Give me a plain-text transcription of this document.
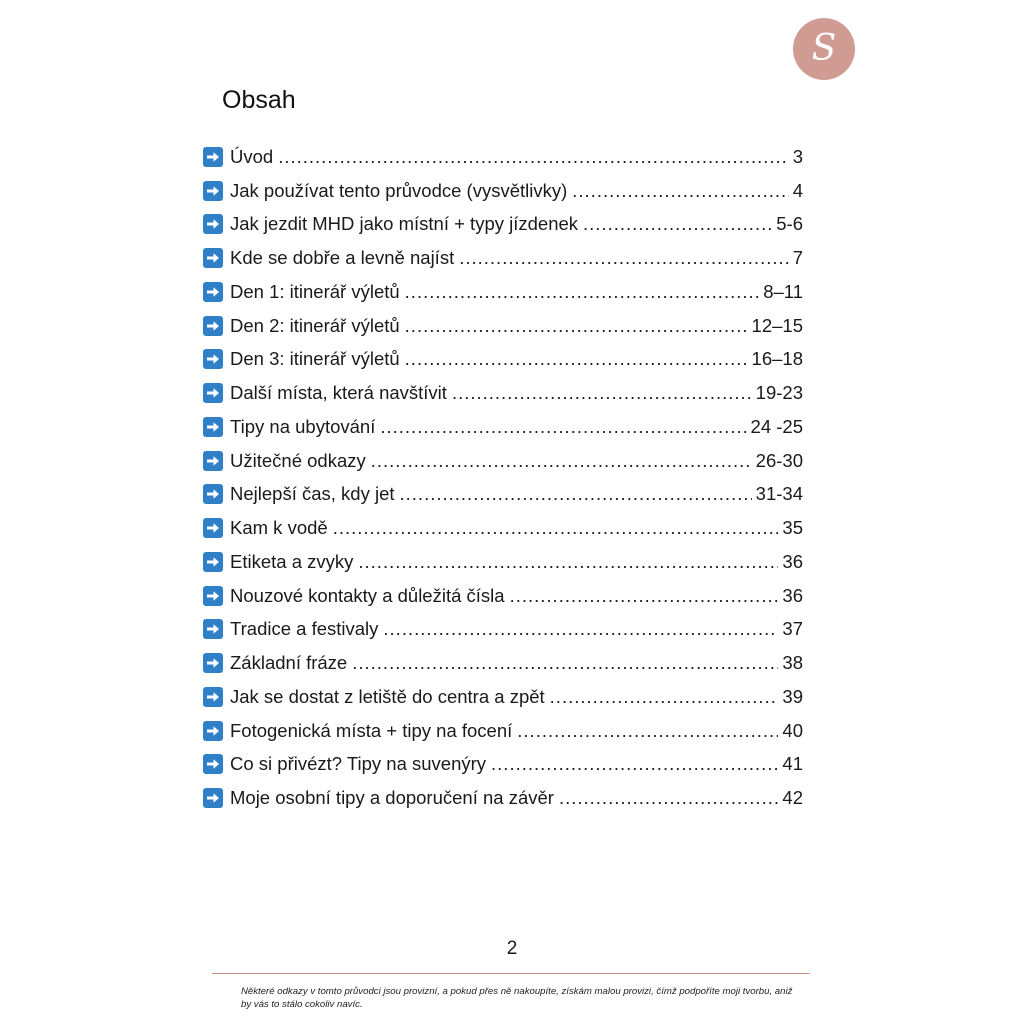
S
Obsah
Úvod .....	3
Jak používat tento průvodce (vysvětlivky) .....	4
Jak jezdit MHD jako místní + typy jízdenek .....	5-6
Kde se dobře a levně najíst .....	7
Den 1: itinerář výletů .....	8–11
Den 2: itinerář výletů .....	12–15
Den 3: itinerář výletů .....	16–18
Další místa, která navštívit .....	19-23
Tipy na ubytování .....	24 -25
Užitečné odkazy .....	26-30
Nejlepší čas, kdy jet .....	31-34
Kam k vodě .....	35
Etiketa a zvyky .....	36
Nouzové kontakty a důležitá čísla .....	36
Tradice a festivaly .....	37
Základní fráze .....	38
Jak se dostat z letiště do centra a zpět .....	39
Fotogenická místa + tipy na focení .....	40
Co si přivézt? Tipy na suvenýry .....	41
Moje osobní tipy a doporučení na závěr .....	42
2
Některé odkazy v tomto průvodci jsou provizní, a pokud přes ně nakoupíte, získám malou provizi, čímž podpoříte moji tvorbu, aniž by vás to stálo cokoliv navíc.
